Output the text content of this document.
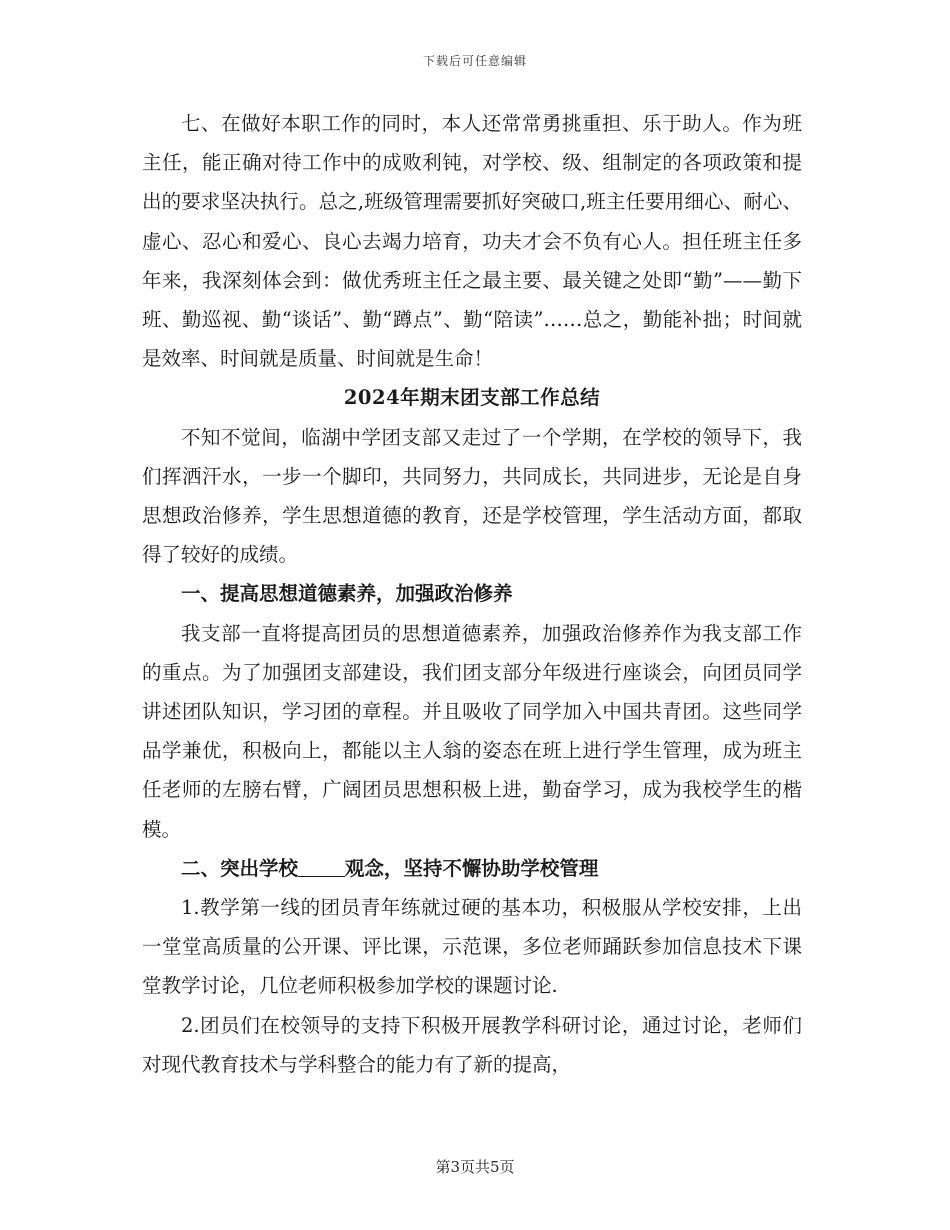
下载后可任意编辑

七、在做好本职工作的同时，本人还常常勇挑重担、乐于助人。作为班主任，能正确对待工作中的成败利钝，对学校、级、组制定的各项政策和提出的要求坚决执行。总之,班级管理需要抓好突破口,班主任要用细心、耐心、虚心、忍心和爱心、良心去竭力培育，功夫才会不负有心人。担任班主任多年来，我深刻体会到：做优秀班主任之最主要、最关键之处即“勤”——勤下班、勤巡视、勤“谈话”、勤“蹲点”、勤“陪读”……总之，勤能补拙；时间就是效率、时间就是质量、时间就是生命！

2024年期末团支部工作总结

不知不觉间，临湖中学团支部又走过了一个学期，在学校的领导下，我们挥洒汗水，一步一个脚印，共同努力，共同成长，共同进步，无论是自身思想政治修养，学生思想道德的教育，还是学校管理，学生活动方面，都取得了较好的成绩。

一、提高思想道德素养，加强政治修养

我支部一直将提高团员的思想道德素养，加强政治修养作为我支部工作的重点。为了加强团支部建设，我们团支部分年级进行座谈会，向团员同学讲述团队知识，学习团的章程。并且吸收了同学加入中国共青团。这些同学品学兼优，积极向上，都能以主人翁的姿态在班上进行学生管理，成为班主任老师的左膀右臂，广阔团员思想积极上进，勤奋学习，成为我校学生的楷模。

二、突出学校 观念，坚持不懈协助学校管理

1.教学第一线的团员青年练就过硬的基本功，积极服从学校安排，上出一堂堂高质量的公开课、评比课，示范课，多位老师踊跃参加信息技术下课堂教学讨论，几位老师积极参加学校的课题讨论.

2.团员们在校领导的支持下积极开展教学科研讨论，通过讨论，老师们对现代教育技术与学科整合的能力有了新的提高，

第3页共5页
